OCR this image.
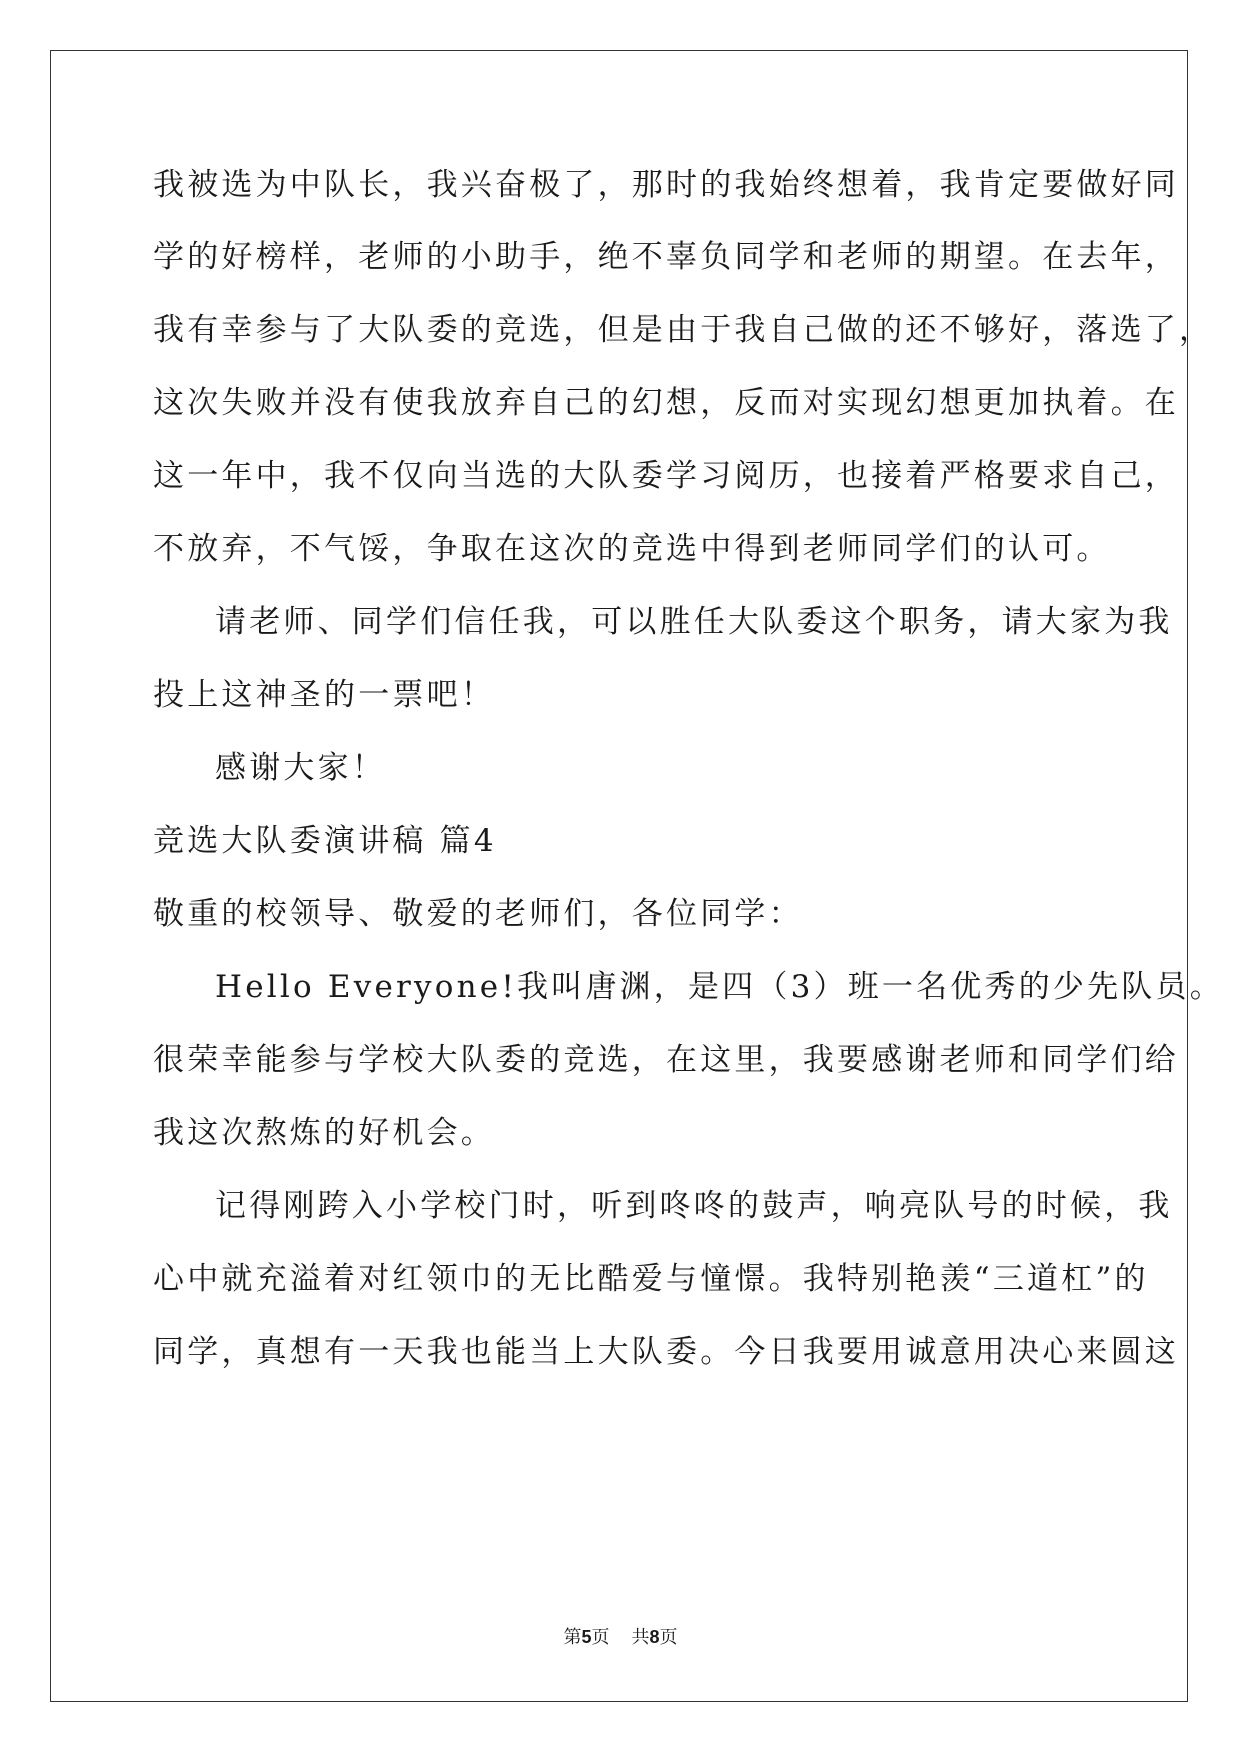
我被选为中队长，我兴奋极了，那时的我始终想着，我肯定要做好同
学的好榜样，老师的小助手，绝不辜负同学和老师的期望。在去年，
我有幸参与了大队委的竞选，但是由于我自己做的还不够好，落选了，
这次失败并没有使我放弃自己的幻想，反而对实现幻想更加执着。在
这一年中，我不仅向当选的大队委学习阅历，也接着严格要求自己，
不放弃，不气馁，争取在这次的竞选中得到老师同学们的认可。
请老师、同学们信任我，可以胜任大队委这个职务，请大家为我
投上这神圣的一票吧！
感谢大家！
竞选大队委演讲稿 篇4
敬重的校领导、敬爱的老师们，各位同学：
Hello Everyone!我叫唐渊，是四（3）班一名优秀的少先队员。
很荣幸能参与学校大队委的竞选，在这里，我要感谢老师和同学们给
我这次熬炼的好机会。
记得刚跨入小学校门时，听到咚咚的鼓声，响亮队号的时候，我
心中就充溢着对红领巾的无比酷爱与憧憬。我特别艳羡“三道杠”的
同学，真想有一天我也能当上大队委。今日我要用诚意用决心来圆这
第5页 共8页
